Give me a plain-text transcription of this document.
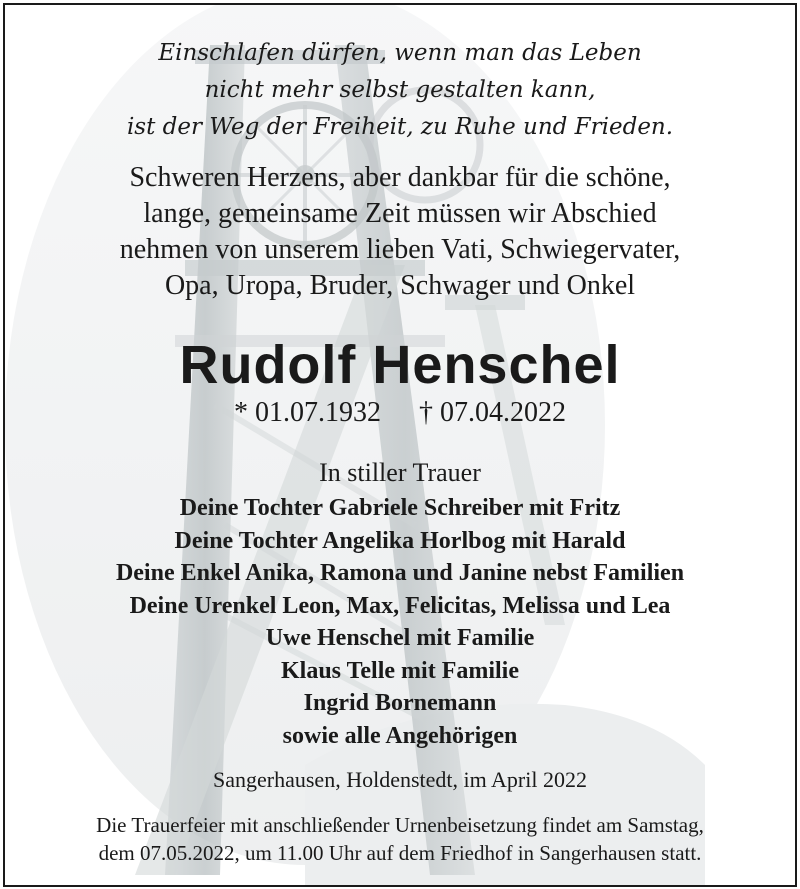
Einschlafen dürfen, wenn man das Leben
nicht mehr selbst gestalten kann,
ist der Weg der Freiheit, zu Ruhe und Frieden.
Schweren Herzens, aber dankbar für die schöne,
lange, gemeinsame Zeit müssen wir Abschied
nehmen von unserem lieben Vati, Schwiegervater,
Opa, Uropa, Bruder, Schwager und Onkel
Rudolf Henschel
* 01.07.1932 † 07.04.2022
In stiller Trauer
Deine Tochter Gabriele Schreiber mit Fritz
Deine Tochter Angelika Horlbog mit Harald
Deine Enkel Anika, Ramona und Janine nebst Familien
Deine Urenkel Leon, Max, Felicitas, Melissa und Lea
Uwe Henschel mit Familie
Klaus Telle mit Familie
Ingrid Bornemann
sowie alle Angehörigen
Sangerhausen, Holdenstedt, im April 2022
Die Trauerfeier mit anschließender Urnenbeisetzung findet am Samstag,
dem 07.05.2022, um 11.00 Uhr auf dem Friedhof in Sangerhausen statt.
